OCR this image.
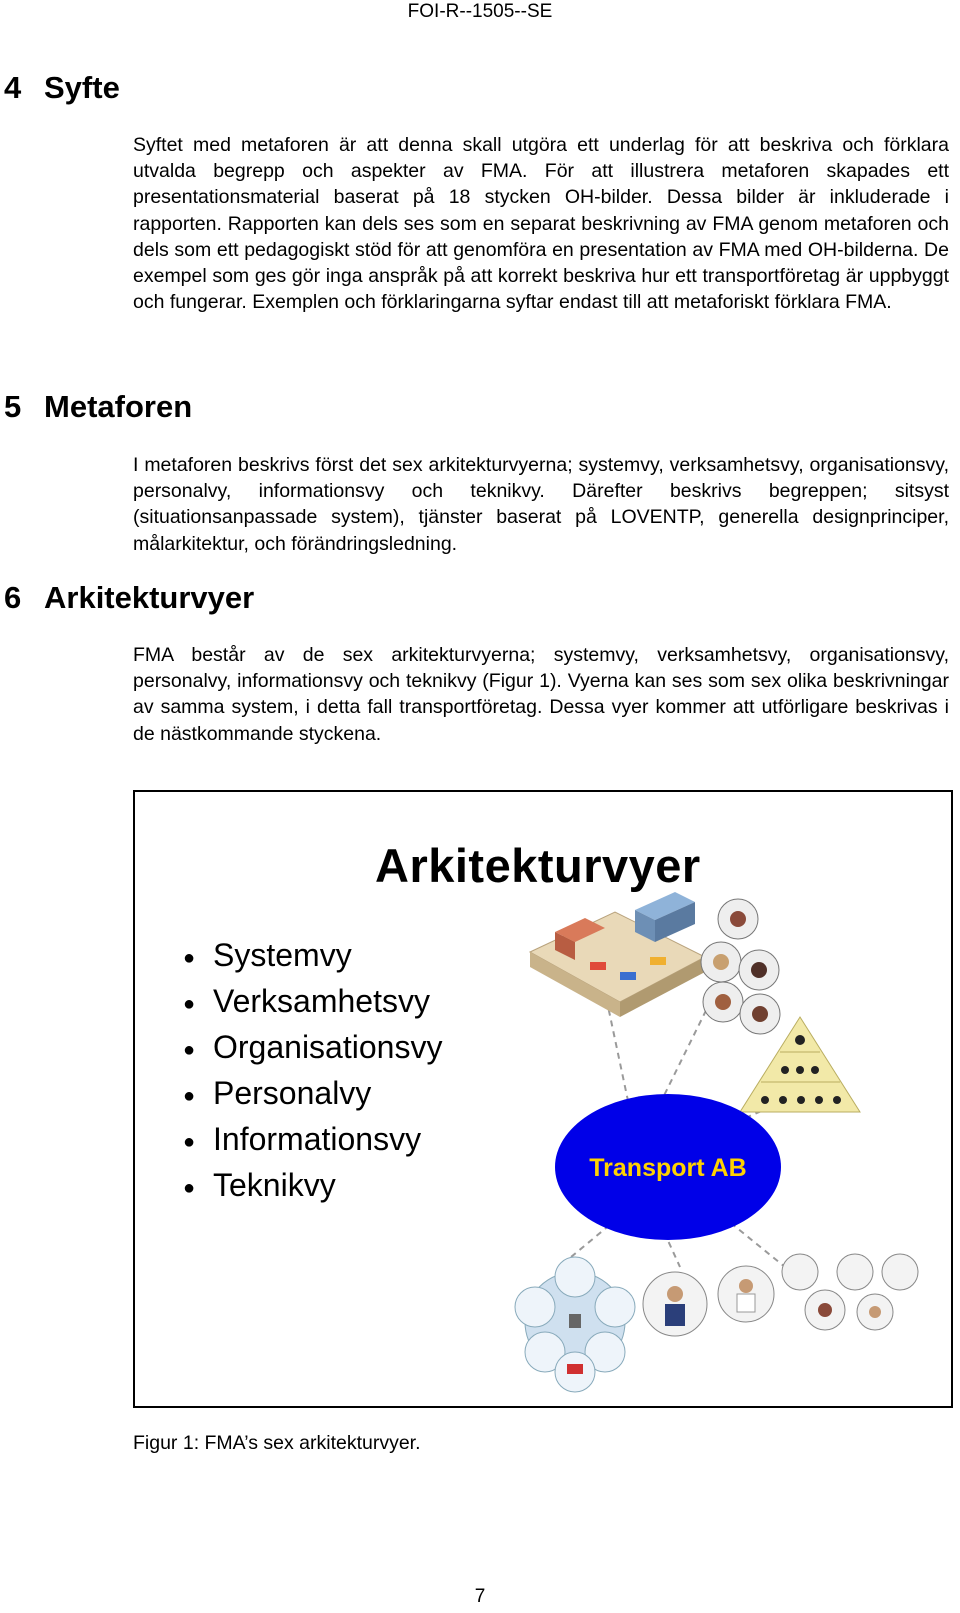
FOI-R--1505--SE
4 Syfte

Syftet med metaforen är att denna skall utgöra ett underlag för att beskriva och förklara utvalda begrepp och aspekter av FMA. För att illustrera metaforen skapades ett presentationsmaterial baserat på 18 stycken OH-bilder. Dessa bilder är inkluderade i rapporten. Rapporten kan dels ses som en separat beskrivning av FMA genom metaforen och dels som ett pedagogiskt stöd för att genomföra en presentation av FMA med OH-bilderna. De exempel som ges gör inga anspråk på att korrekt beskriva hur ett transportföretag är uppbyggt och fungerar. Exemplen och förklaringarna syftar endast till att metaforiskt förklara FMA.

5 Metaforen

I metaforen beskrivs först det sex arkitekturvyerna; systemvy, verksamhetsvy, organisationsvy, personalvy, informationsvy och teknikvy. Därefter beskrivs begreppen; sitsyst (situationsanpassade system), tjänster baserat på LOVENTP, generella designprinciper, målarkitektur, och förändringsledning.

6 Arkitekturvyer

FMA består av de sex arkitekturvyerna; systemvy, verksamhetsvy, organisationsvy, personalvy, informationsvy och teknikvy (Figur 1). Vyerna kan ses som sex olika beskrivningar av samma system, i detta fall transportföretag. Dessa vyer kommer att utförligare beskrivas i de nästkommande styckena.

Arkitekturvyer
● Systemvy
● Verksamhetsvy
● Organisationsvy
● Personalvy
● Informationsvy
● Teknikvy	Transport AB
Figur 1: FMA’s sex arkitekturvyer.
7
